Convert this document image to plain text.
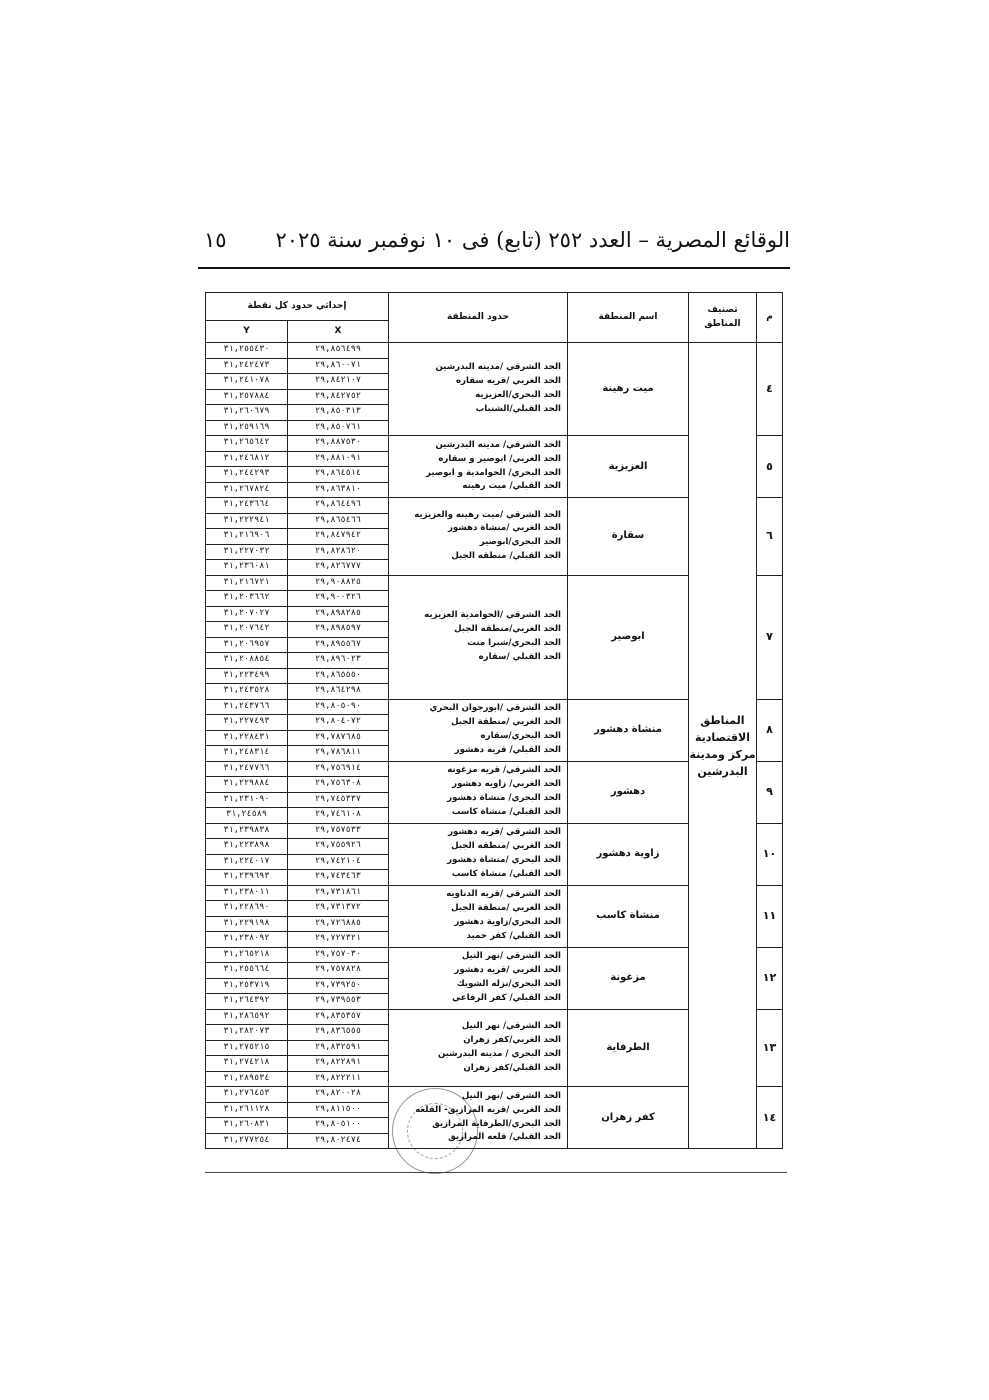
الوقائع المصرية – العدد ٢٥٢ (تابع) فى ١٠ نوفمبر سنة ٢٠٢٥
١٥
م	تصنيف المناطق	اسم المنطقة	حدود المنطقة	إحداثي حدود كل نقطة	
				X	Y
٤	المناطق الاقتصادية مركز ومدينة البدرشين	ميت رهينة	الحد الشرقي /مدينه البدرشين
الحد الغربي /قريه سقاره
الحد البحري/العزيزيه
الحد القبلي/الشنباب	٢٩,٨٥٦٤٩٩	٣١,٢٥٥٤٣٠
				٢٩,٨٦٠٠٧١	٣١,٢٤٢٤٧٣
				٢٩,٨٤٢١٠٧	٣١,٢٤١٠٧٨
				٢٩,٨٤٢٧٥٢	٣١,٢٥٧٨٨٤
				٢٩,٨٥٠٣١٣	٣١,٢٦٠٦٧٩
				٢٩,٨٥٠٧٦١	٣١,٢٥٩١٦٩
٥		العزيزية	الحد الشرقي/ مدينه البدرشين
الحد الغربي/ ابوصير و سقاره
الحد البحري/ الحوامدية و ابوصير
الحد القبلي/ ميت رهينه	٢٩,٨٨٧٥٣٠	٣١,٢٦٥٦٤٢
				٢٩,٨٨١٠٩١	٣١,٢٤٦٨١٢
				٢٩,٨٦٤٥١٤	٣١,٢٤٤٢٩٣
				٢٩,٨٦٣٨١٠	٣١,٢٦٧٨٢٤
٦		سقارة	الحد الشرقي /ميت رهينه والعزيزيه
الحد الغربي /منشاة دهشور
الحد البحري/ابوصير
الحد القبلي/ منطقه الجبل	٢٩,٨٦٤٤٩٦	٣١,٢٤٣٦٦٤
				٢٩,٨٦٥٤٦٦	٣١,٢٢٢٩٤١
				٢٩,٨٤٧٩٤٢	٣١,٢١٦٩٠٦
				٢٩,٨٢٨٦٢٠	٣١,٢٢٧٠٣٢
				٢٩,٨٢٦٧٧٧	٣١,٢٣٦٠٨١
٧		ابوصير	الحد الشرقي /الحوامدية العزيزيه
الحد الغربي/منطقه الجبل
الحد البحري/شبرا منت
الحد القبلي /سقاره	٢٩,٩٠٨٨٢٥	٣١,٢١٦٧٢١
				٢٩,٩٠٠٣٢٦	٣١,٢٠٣٦٦٢
				٢٩,٨٩٨٢٨٥	٣١,٢٠٧٠٢٧
				٢٩,٨٩٨٥٩٧	٣١,٢٠٧٦٤٢
				٢٩,٨٩٥٥٦٧	٣١,٢٠٦٩٥٧
				٢٩,٨٩٦٠٢٣	٣١,٢٠٨٨٥٤
				٢٩,٨٦٥٥٥٠	٣١,٢٢٣٤٩٩
				٢٩,٨٦٤٢٩٨	٣١,٢٤٣٥٢٨
٨		منشاة دهشور	الحد الشرقي /ابورجوان البحري
الحد الغربي /منطقة الجبل
الحد البحري/سقاره
الحد القبلي/ قريه دهشور	٢٩,٨٠٥٠٩٠	٣١,٢٤٣٧٦٦
				٢٩,٨٠٤٠٧٢	٣١,٢٢٧٤٩٣
				٢٩,٧٨٧٦٨٥	٣١,٢٢٨٤٣١
				٢٩,٧٨٦٨١١	٣١,٢٤٨٣١٤
٩		دهشور	الحد الشرقي/ قريه مزغونه
الحد الغربي/ زاويه دهشور
الحد البحري/ منشاة دهشور
الحد القبلي/ منشاة كاسب	٢٩,٧٥٦٩١٤	٣١,٢٤٧٧٦٦
				٢٩,٧٥٦٣٠٨	٣١,٢٢٩٨٨٤
				٢٩,٧٤٥٣٣٧	٣١,٢٣١٠٩٠
				٢٩,٧٤٦١٠٨	٣١,٢٤٥٨٩
١٠		زاوية دهشور	الحد الشرقي /قريه دهشور
الحد الغربي /منطقه الجبل
الحد البحري /منشاة دهشور
الحد القبلي/ منشاة كاسب	٢٩,٧٥٧٥٣٣	٣١,٢٣٩٨٣٨
				٢٩,٧٥٥٩٢٦	٣١,٢٢٣٨٩٨
				٢٩,٧٤٢١٠٤	٣١,٢٢٤٠١٧
				٢٩,٧٤٣٤٦٣	٣١,٢٣٩٦٩٣
١١		منشاة كاسب	الحد الشرقي /قريه الدناويه
الحد الغربي /منطقة الجبل
الحد البحري/زاوية دهشور
الحد القبلي/ كفر حميد	٢٩,٧٣١٨٦١	٣١,٢٣٨٠١١
				٢٩,٧٣١٣٧٢	٣١,٢٢٨٦٩٠
				٢٩,٧٢٦٨٨٥	٣١,٢٢٩١٩٨
				٢٩,٧٢٧٣٢١	٣١,٢٣٨٠٩٢
١٢		مزغونة	الحد الشرقي /نهر النيل
الحد الغربي /قريه دهشور
الحد البحري/نزله الشويك
الحد القبلي/ كفر الرفاعي	٢٩,٧٥٧٠٣٠	٣١,٢٦٥٢١٨
				٢٩,٧٥٧٨٢٨	٣١,٢٥٥٦٦٤
				٢٩,٧٣٩٢٥٠	٣١,٢٥٣٧١٩
				٢٩,٧٣٩٥٥٣	٣١,٢٦٤٣٩٢
١٣		الطرفاية	الحد الشرقي/ نهر النيل
الحد الغربي/كفر زهران
الحد البحري / مدينه البدرشين
الحد القبلي/كفر زهران	٢٩,٨٣٥٣٥٧	٣١,٢٨٦٥٩٢
				٢٩,٨٣٦٥٥٥	٣١,٢٨٢٠٧٣
				٢٩,٨٣٢٥٩١	٣١,٢٧٥٢١٥
				٢٩,٨٢٢٨٩١	٣١,٢٧٤٢١٨
				٢٩,٨٢٢٢١١	٣١,٢٨٩٥٣٤
١٤		كفر زهران	الحد الشرقي /نهر النيل
الحد الغربي /قريه المرازيق- القلعه
الحد البحري/الطرفاية المرازيق
الحد القبلي/ قلعه المرازيق	٢٩,٨٢٠٠٢٨	٣١,٢٧٦٤٥٣
				٢٩,٨١١٥٠٠	٣١,٢٦١١٢٨
				٢٩,٨٠٥١٠٠	٣١,٢٦٠٨٣١
				٢٩,٨٠٢٤٧٤	٣١,٢٧٧٢٥٤
